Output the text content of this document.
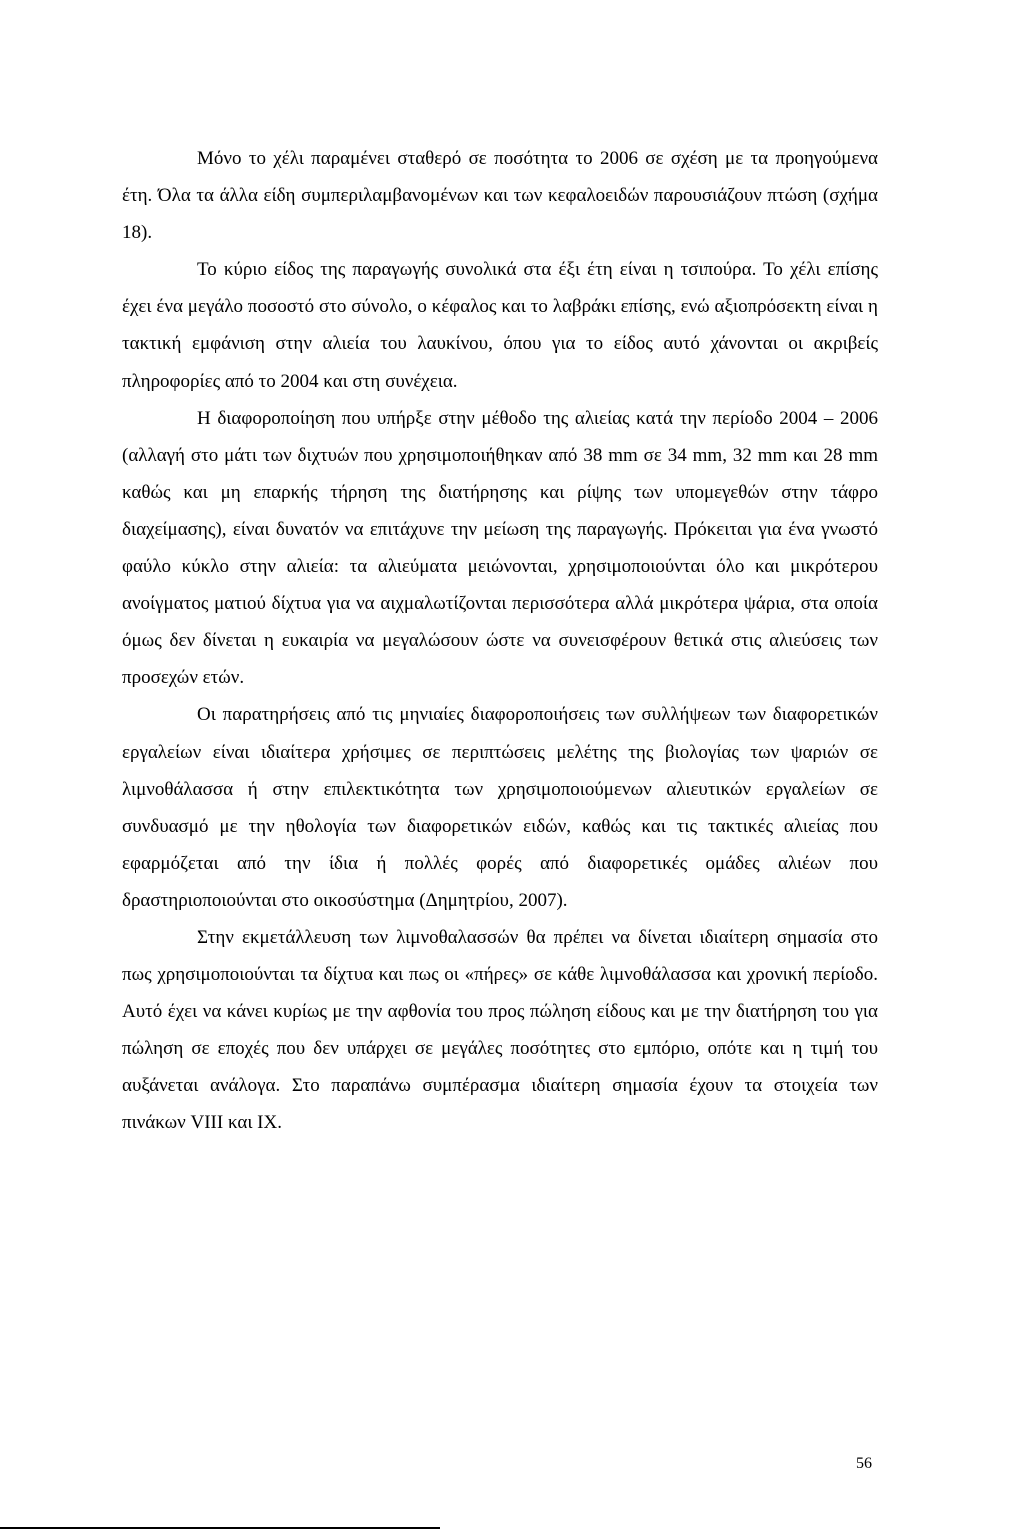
Μόνο το χέλι παραμένει σταθερό σε ποσότητα το 2006 σε σχέση με τα προηγούμενα έτη. Όλα τα άλλα είδη συμπεριλαμβανομένων και των κεφαλοειδών παρουσιάζουν πτώση (σχήμα 18).

Το κύριο είδος της παραγωγής συνολικά στα έξι έτη είναι η τσιπούρα. Το χέλι επίσης έχει ένα μεγάλο ποσοστό στο σύνολο, ο κέφαλος και το λαβράκι επίσης, ενώ αξιοπρόσεκτη είναι η τακτική εμφάνιση στην αλιεία του λαυκίνου, όπου για το είδος αυτό χάνονται οι ακριβείς πληροφορίες από το 2004 και στη συνέχεια.

Η διαφοροποίηση που υπήρξε στην μέθοδο της αλιείας κατά την περίοδο 2004 – 2006 (αλλαγή στο μάτι των διχτυών που χρησιμοποιήθηκαν από 38 mm σε 34 mm, 32 mm και 28 mm καθώς και μη επαρκής τήρηση της διατήρησης και ρίψης των υπομεγεθών στην τάφρο διαχείμασης), είναι δυνατόν να επιτάχυνε την μείωση της παραγωγής. Πρόκειται για ένα γνωστό φαύλο κύκλο στην αλιεία: τα αλιεύματα μειώνονται, χρησιμοποιούνται όλο και μικρότερου ανοίγματος ματιού δίχτυα για να αιχμαλωτίζονται περισσότερα αλλά μικρότερα ψάρια, στα οποία όμως δεν δίνεται η ευκαιρία να μεγαλώσουν ώστε να συνεισφέρουν θετικά στις αλιεύσεις των προσεχών ετών.

Οι παρατηρήσεις από τις μηνιαίες διαφοροποιήσεις των συλλήψεων των διαφορετικών εργαλείων είναι ιδιαίτερα χρήσιμες σε περιπτώσεις μελέτης της βιολογίας των ψαριών σε λιμνοθάλασσα ή στην επιλεκτικότητα των χρησιμοποιούμενων αλιευτικών εργαλείων σε συνδυασμό με την ηθολογία των διαφορετικών ειδών, καθώς και τις τακτικές αλιείας που εφαρμόζεται από την ίδια ή πολλές φορές από διαφορετικές ομάδες αλιέων που δραστηριοποιούνται στο οικοσύστημα (Δημητρίου, 2007).

Στην εκμετάλλευση των λιμνοθαλασσών θα πρέπει να δίνεται ιδιαίτερη σημασία στο πως χρησιμοποιούνται τα δίχτυα και πως οι «πήρες» σε κάθε λιμνοθάλασσα και χρονική περίοδο. Αυτό έχει να κάνει κυρίως με την αφθονία του προς πώληση είδους και με την διατήρηση του για πώληση σε εποχές που δεν υπάρχει σε μεγάλες ποσότητες στο εμπόριο, οπότε και η τιμή του αυξάνεται ανάλογα. Στο παραπάνω συμπέρασμα ιδιαίτερη σημασία έχουν τα στοιχεία των πινάκων VIII και IX.

56
